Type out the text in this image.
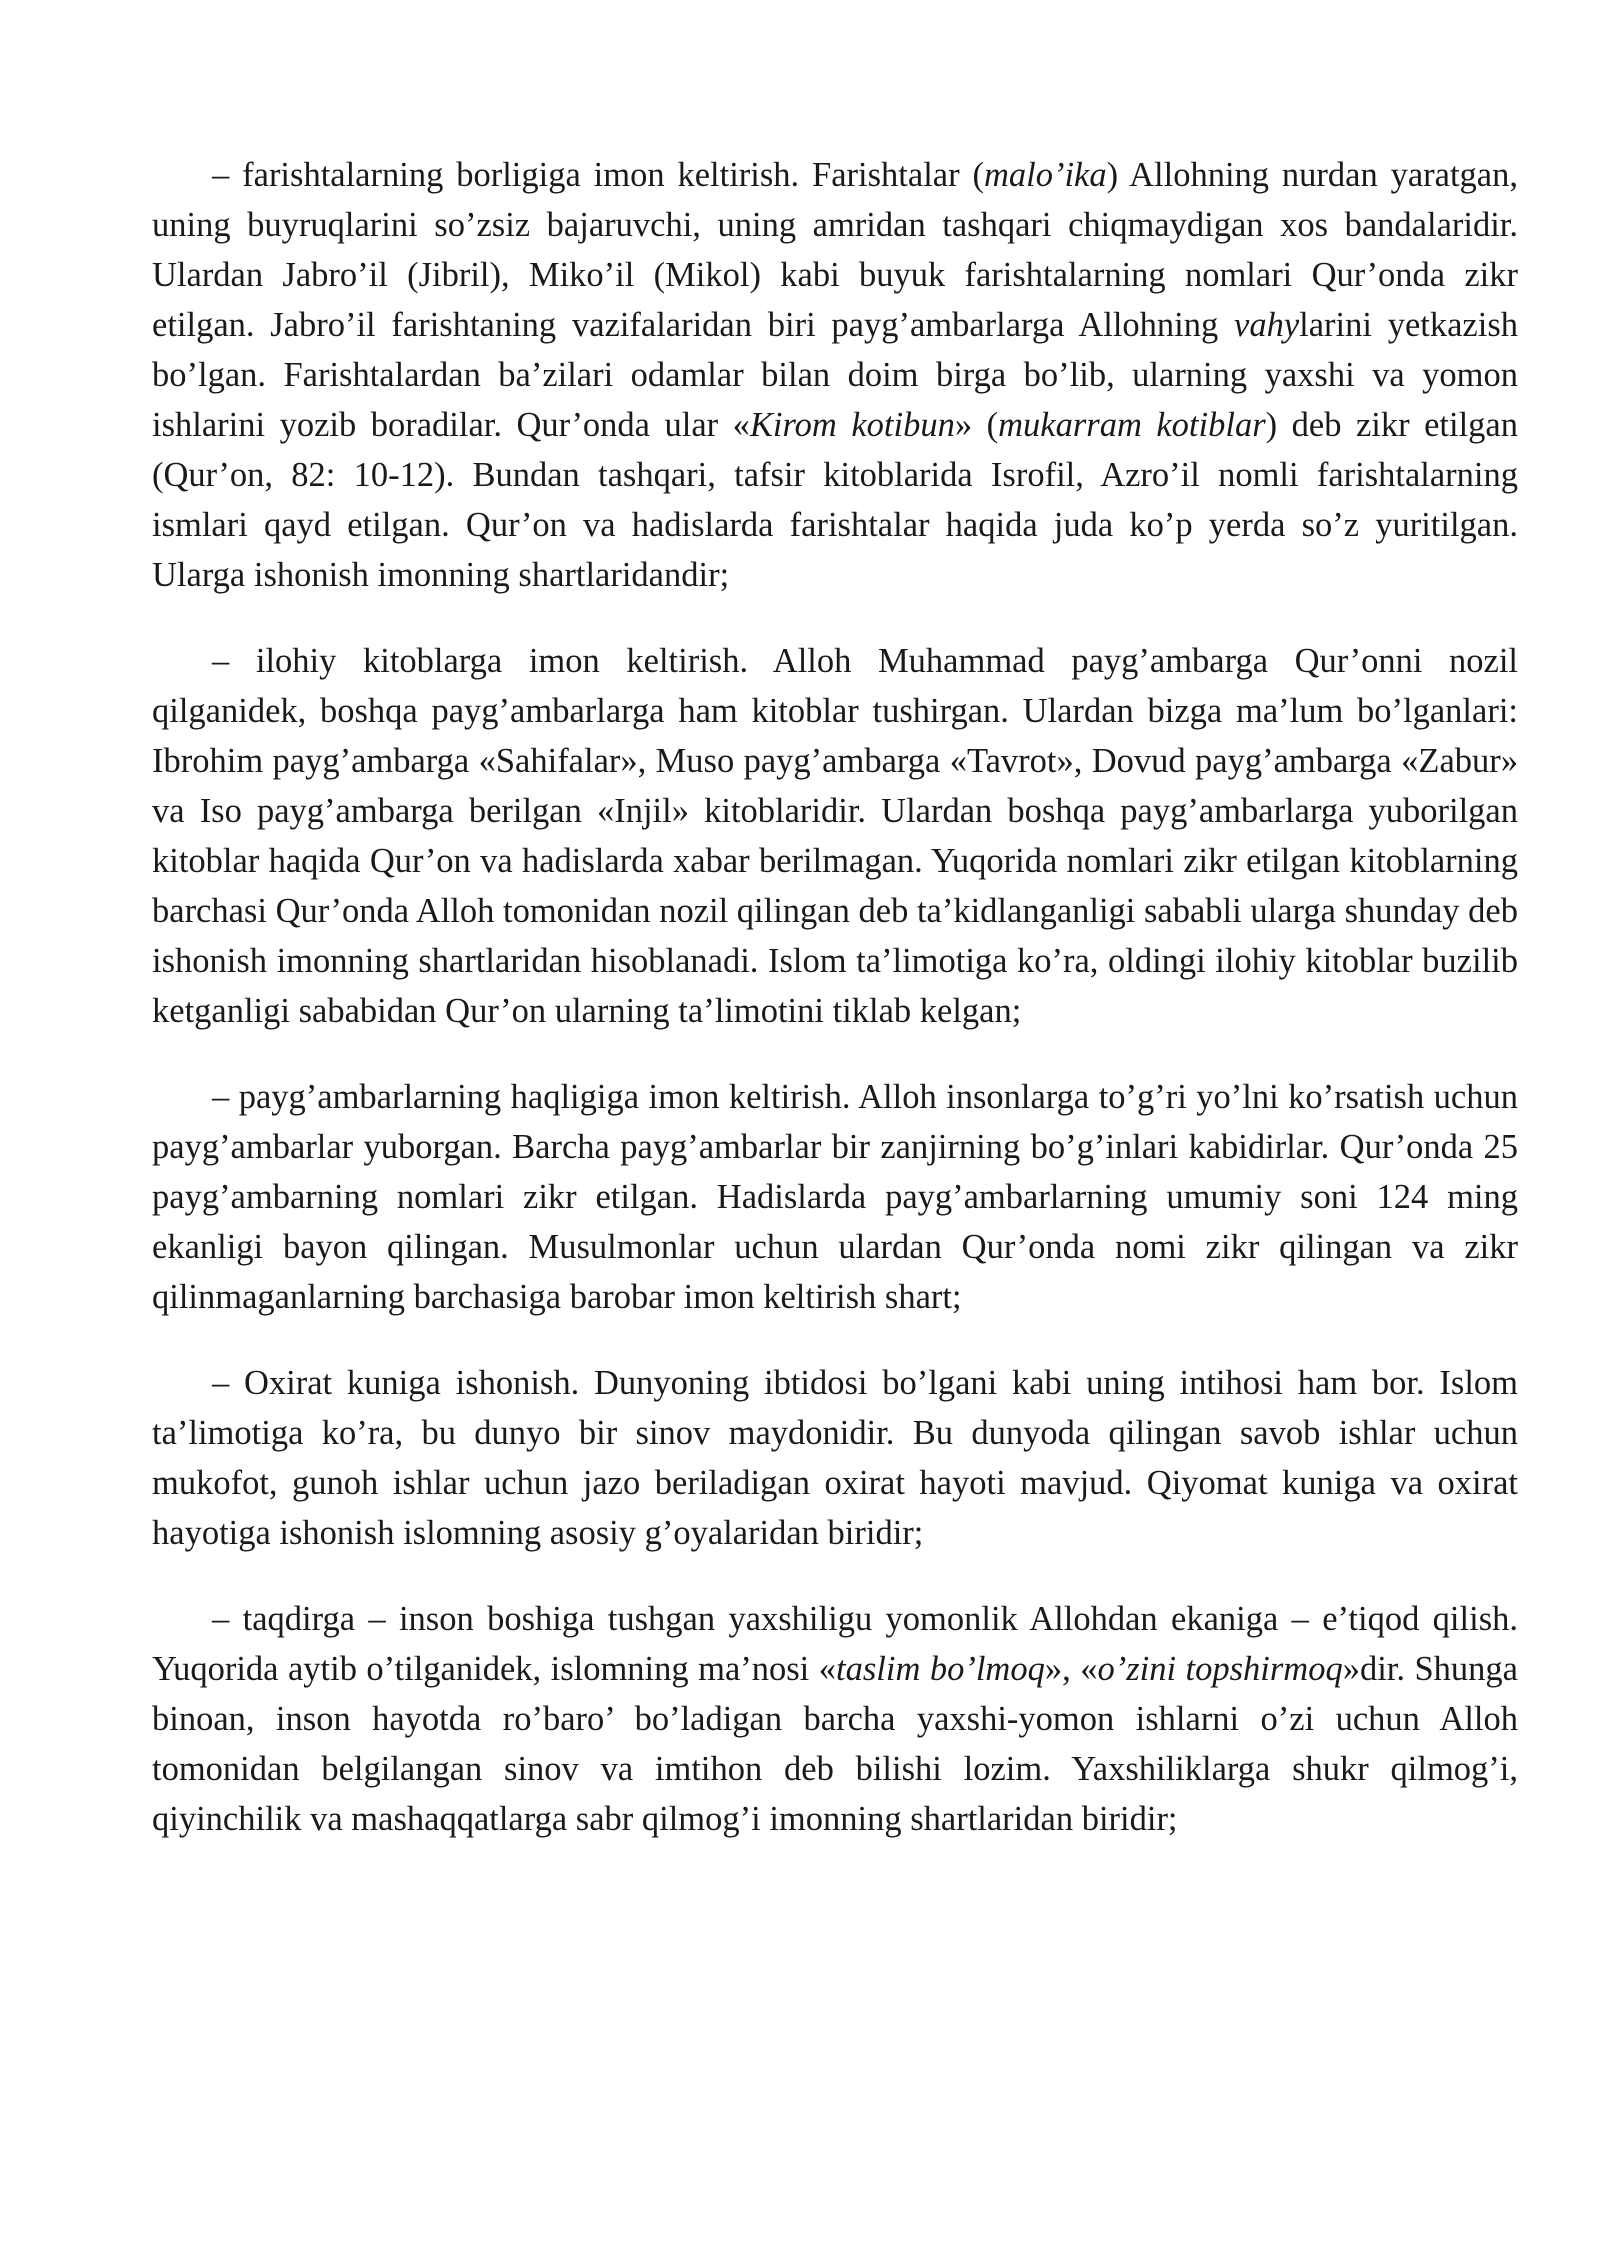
– farishtalarning borligiga imon keltirish. Farishtalar (malo’ika) Allohning nurdan yaratgan, uning buyruqlarini so’zsiz bajaruvchi, uning amridan tashqari chiqmaydigan xos bandalaridir. Ulardan Jabro’il (Jibril), Miko’il (Mikol) kabi buyuk farishtalarning nomlari Qur’onda zikr etilgan. Jabro’il farishtaning vazifalaridan biri payg’ambarlarga Allohning vahylarini yetkazish bo’lgan. Farishtalardan ba’zilari odamlar bilan doim birga bo’lib, ularning yaxshi va yomon ishlarini yozib boradilar. Qur’onda ular «Kirom kotibun» (mukarram kotiblar) deb zikr etilgan (Qur’on, 82: 10-12). Bundan tashqari, tafsir kitoblarida Isrofil, Azro’il nomli farishtalarning ismlari qayd etilgan. Qur’on va hadislarda farishtalar haqida juda ko’p yerda so’z yuritilgan. Ularga ishonish imonning shartlaridandir;

– ilohiy kitoblarga imon keltirish. Alloh Muhammad payg’ambarga Qur’onni nozil qilganidek, boshqa payg’ambarlarga ham kitoblar tushirgan. Ulardan bizga ma’lum bo’lganlari: Ibrohim payg’ambarga «Sahifalar», Muso payg’ambarga «Tavrot», Dovud payg’ambarga «Zabur» va Iso payg’ambarga berilgan «Injil» kitoblaridir. Ulardan boshqa payg’ambarlarga yuborilgan kitoblar haqida Qur’on va hadislarda xabar berilmagan. Yuqorida nomlari zikr etilgan kitoblarning barchasi Qur’onda Alloh tomonidan nozil qilingan deb ta’kidlanganligi sababli ularga shunday deb ishonish imonning shartlaridan hisoblanadi. Islom ta’limotiga ko’ra, oldingi ilohiy kitoblar buzilib ketganligi sababidan Qur’on ularning ta’limotini tiklab kelgan;

– payg’ambarlarning haqligiga imon keltirish. Alloh insonlarga to’g’ri yo’lni ko’rsatish uchun payg’ambarlar yuborgan. Barcha payg’ambarlar bir zanjirning bo’g’inlari kabidirlar. Qur’onda 25 payg’ambarning nomlari zikr etilgan. Hadislarda payg’ambarlarning umumiy soni 124 ming ekanligi bayon qilingan. Musulmonlar uchun ulardan Qur’onda nomi zikr qilingan va zikr qilinmaganlarning barchasiga barobar imon keltirish shart;

– Oxirat kuniga ishonish. Dunyoning ibtidosi bo’lgani kabi uning intihosi ham bor. Islom ta’limotiga ko’ra, bu dunyo bir sinov maydonidir. Bu dunyoda qilingan savob ishlar uchun mukofot, gunoh ishlar uchun jazo beriladigan oxirat hayoti mavjud. Qiyomat kuniga va oxirat hayotiga ishonish islomning asosiy g’oyalaridan biridir;

– taqdirga – inson boshiga tushgan yaxshiligu yomonlik Allohdan ekaniga – e’tiqod qilish. Yuqorida aytib o’tilganidek, islomning ma’nosi «taslim bo’lmoq», «o’zini topshirmoq»dir. Shunga binoan, inson hayotda ro’baro’ bo’ladigan barcha yaxshi-yomon ishlarni o’zi uchun Alloh tomonidan belgilangan sinov va imtihon deb bilishi lozim. Yaxshiliklarga shukr qilmog’i, qiyinchilik va mashaqqatlarga sabr qilmog’i imonning shartlaridan biridir;
